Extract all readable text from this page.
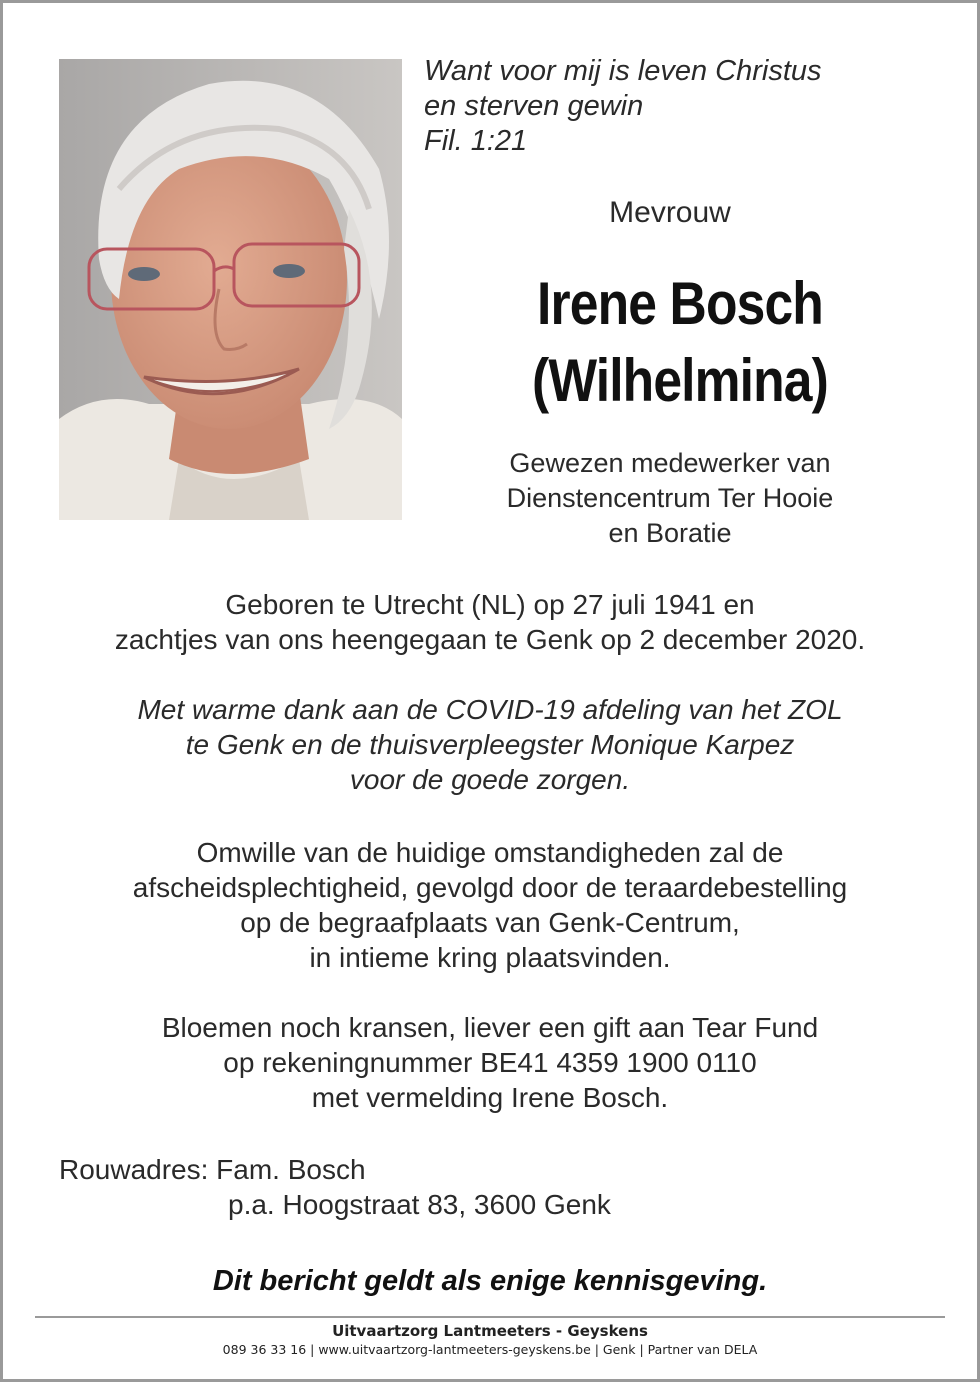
Want voor mij is leven Christus
en sterven gewin
Fil. 1:21
Mevrouw
Irene Bosch
(Wilhelmina)
Gewezen medewerker van
Dienstencentrum Ter Hooie
en Boratie
Geboren te Utrecht (NL) op 27 juli 1941 en
zachtjes van ons heengegaan te Genk op 2 december 2020.
Met warme dank aan de COVID-19 afdeling van het ZOL
te Genk en de thuisverpleegster Monique Karpez
voor de goede zorgen.
Omwille van de huidige omstandigheden zal de
afscheidsplechtigheid, gevolgd door de teraardebestelling
op de begraafplaats van Genk-Centrum,
in intieme kring plaatsvinden.
Bloemen noch kransen, liever een gift aan Tear Fund
op rekeningnummer BE41 4359 1900 0110
met vermelding Irene Bosch.
Rouwadres: Fam. Bosch
p.a. Hoogstraat 83, 3600 Genk
Dit bericht geldt als enige kennisgeving.
Uitvaartzorg Lantmeeters - Geyskens
089 36 33 16 | www.uitvaartzorg-lantmeeters-geyskens.be | Genk | Partner van DELA
